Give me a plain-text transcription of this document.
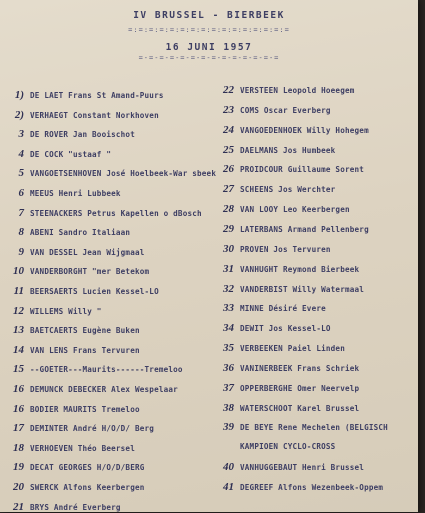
IV BRUSSEL - BIERBEEK
=:=:=:=:=:=:=:=:=:=:=:=:=:=:=:=
16 JUNI 1957
=-=-=-=-=-=-=-=-=-=-=-=-=-=
1) DE LAET Frans St Amand-Puurs
2) VERHAEGT Constant Norkhoven
3 DE ROVER Jan Booischot
4 DE COCK "ustaaf "
5 VANGOETSENHOVEN José Hoelbeek-War sbeek
6 MEEUS Henri Lubbeek
7 STEENACKERS Petrus Kapellen o dBosch
8 ABENI Sandro Italiaan
9 VAN DESSEL Jean Wijgmaal
10 VANDERBORGHT "mer Betekom
11 BEERSAERTS Lucien Kessel-LO
12 WILLEMS Willy "
13 BAETCAERTS Eugène Buken
14 VAN LENS Frans Tervuren
15 --GOETER---Maurits------Tremeloo
16 DEMUNCK DEBECKER Alex Wespelaar
16 BODIER MAURITS Tremeloo
17 DEMINTER André H/O/D/ Berg
18 VERHOEVEN Théo Beersel
19 DECAT GEORGES H/O/D/BERG
20 SWERCK Alfons Keerbergen
21 BRYS André Everberg
22 VERSTEEN Leopold Hoeegem
23 COMS Oscar Everberg
24 VANGOEDENHOEK Willy Hohegem
25 DAELMANS Jos Humbeek
26 PROIDCOUR Guillaume Sorent
27 SCHEENS Jos Werchter
28 VAN LOOY Leo Keerbergen
29 LATERBANS Armand Pellenberg
30 PROVEN Jos Tervuren
31 VANHUGHT Reymond Bierbeek
32 VANDERBIST Willy Watermaal
33 MINNE Désiré Evere
34 DEWIT Jos Kessel-LO
35 VERBEEKEN Paiel Linden
36 VANINERBEEK Frans Schriek
37 OPPERBERGHE Omer Neervelp
38 WATERSCHOOT Karel Brussel
39 DE BEYE Rene Mechelen (BELGISCH
KAMPIOEN CYCLO-CROSS
40 VANHUGGEBAUT Henri Brussel
41 DEGREEF Alfons Wezenbeek-Oppem
